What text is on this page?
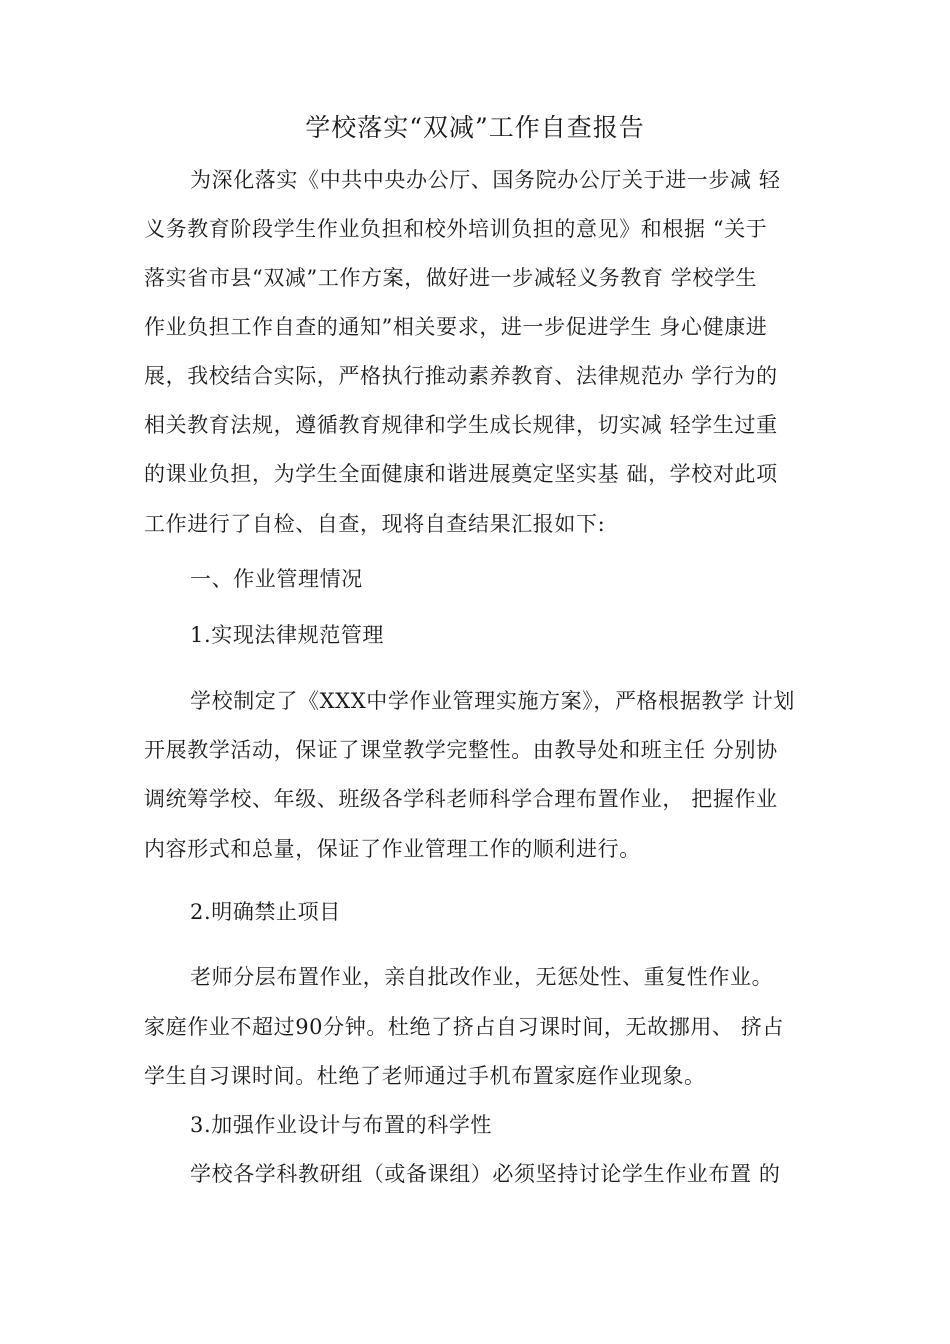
学校落实“双减”工作自查报告
为深化落实《中共中央办公厅、国务院办公厅关于进一步减 轻
义务教育阶段学生作业负担和校外培训负担的意见》和根据 “关于
落实省市县“双减”工作方案，做好进一步减轻义务教育 学校学生
作业负担工作自查的通知”相关要求，进一步促进学生 身心健康进
展，我校结合实际，严格执行推动素养教育、法律规范办 学行为的
相关教育法规，遵循教育规律和学生成长规律，切实减 轻学生过重
的课业负担，为学生全面健康和谐进展奠定坚实基 础，学校对此项
工作进行了自检、自查，现将自查结果汇报如下:
一、作业管理情况
1.实现法律规范管理
学校制定了《XXX中学作业管理实施方案》，严格根据教学 计划
开展教学活动，保证了课堂教学完整性。由教导处和班主任 分别协
调统筹学校、年级、班级各学科老师科学合理布置作业， 把握作业
内容形式和总量，保证了作业管理工作的顺利进行。
2.明确禁止项目
老师分层布置作业，亲自批改作业，无惩处性、重复性作业。
家庭作业不超过90分钟。杜绝了挤占自习课时间，无故挪用、 挤占
学生自习课时间。杜绝了老师通过手机布置家庭作业现象。
3.加强作业设计与布置的科学性
学校各学科教研组（或备课组）必须坚持讨论学生作业布置 的
